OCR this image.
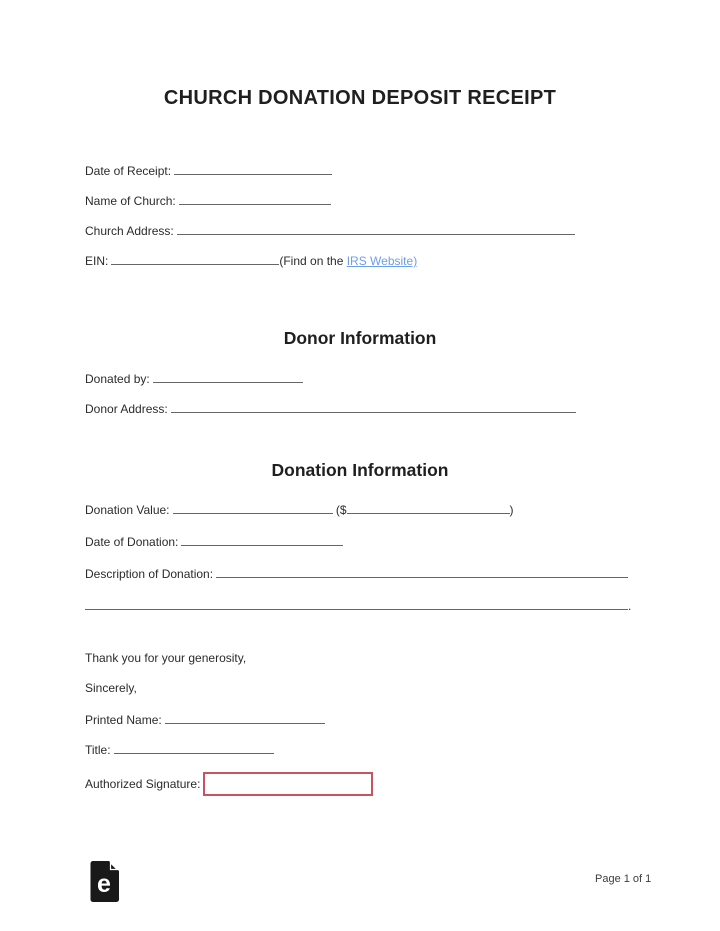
CHURCH DONATION DEPOSIT RECEIPT
Date of Receipt:
Name of Church:
Church Address:
EIN:	(Find on the IRS Website)
Donor Information
Donated by:
Donor Address:
Donation Information
Donation Value:	($	)
Date of Donation:
Description of Donation:
.
Thank you for your generosity,
Sincerely,
Printed Name:
Title:
Authorized Signature:
e	Page 1 of 1
